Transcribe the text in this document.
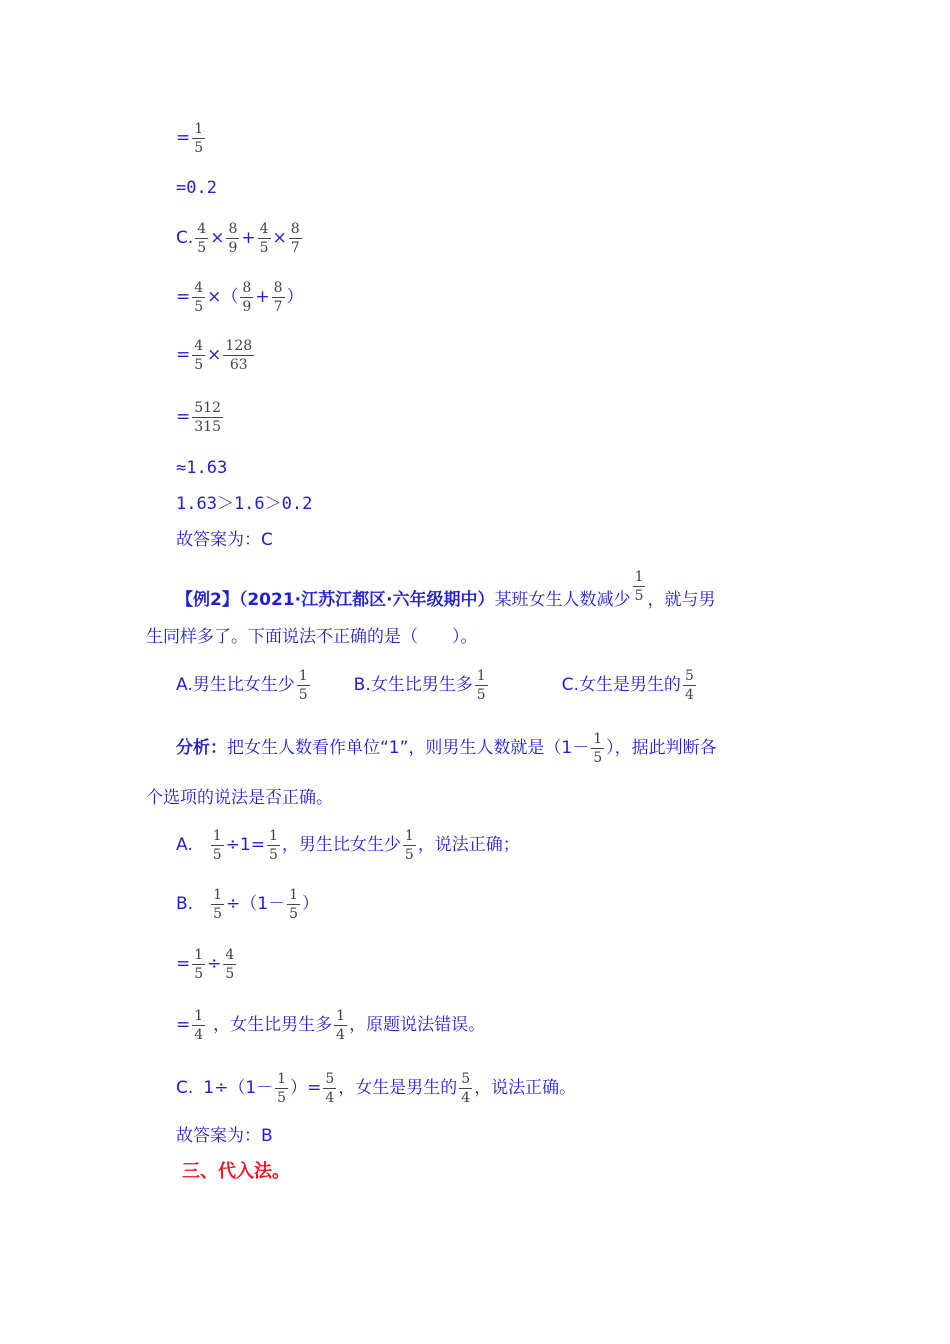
= $\frac{1}{5}$
=0.2
C. $\frac{4}{5} \times \frac{8}{9} + \frac{4}{5} \times \frac{8}{7}$
= $\frac{4}{5}$ × （ $\frac{8}{9} + \frac{8}{7}$ ）
= $\frac{4}{5} \times \frac{128}{63}$
= $\frac{512}{315}$
≈1.63
1.63＞1.6＞0.2
故答案为：C
【例2】（2021·江苏江都区·六年级期中） 某班女生人数减少 $\frac{1}{5}$ ，就与男
生同样多了。下面说法不正确的是（　　）。
A.男生比女生少 $\frac{1}{5}$	B.女生比男生多 $\frac{1}{5}$	C.女生是男生的 $\frac{5}{4}$
分析： 把女生人数看作单位“1”，则男生人数就是（$1- \frac{1}{5}$ ），据此判断各
个选项的说法是否正确。
A. $\frac{1}{5} \div 1= \frac{1}{5}$ ，男生比女生少 $\frac{1}{5}$ ，说法正确；
B. $\frac{1}{5} \div(1- \frac{1}{5}$ ）
= $\frac{1}{5} \div \frac{4}{5}$
= $\frac{1}{4}$ ，女生比男生多 $\frac{1}{4}$ ，原题说法错误。
C. $1\div(1- \frac{1}{5}$ ）= $\frac{5}{4}$ ，女生是男生的 $\frac{5}{4}$ ，说法正确。
故答案为：B
三、代入法。
